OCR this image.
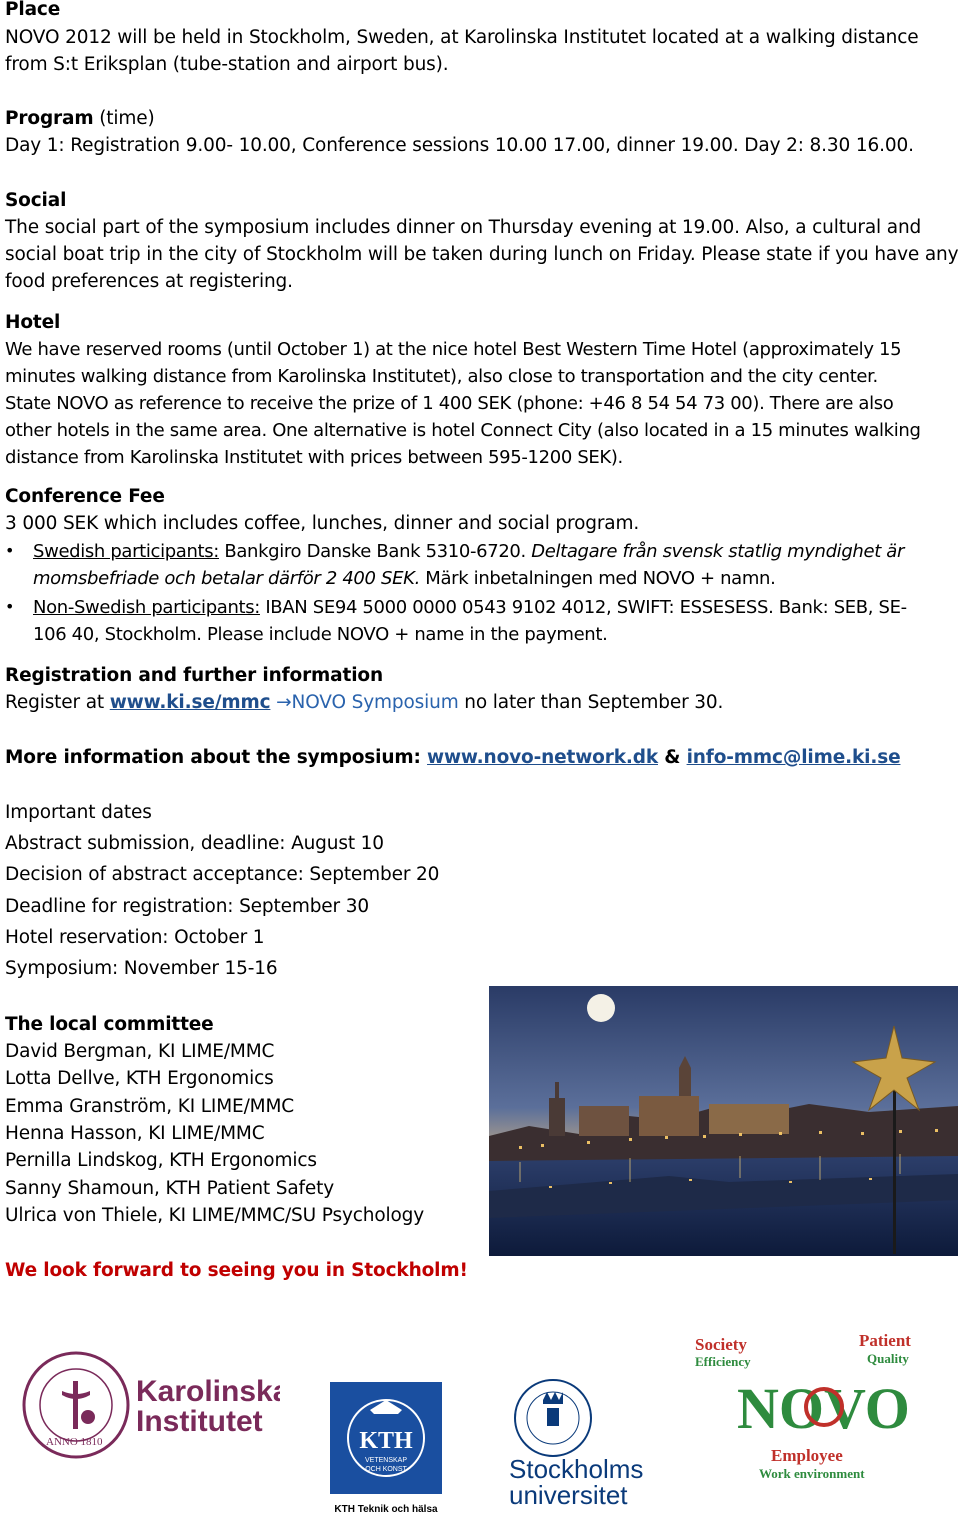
Place
NOVO 2012 will be held in Stockholm, Sweden, at Karolinska Institutet located at a walking distance
from S:t Eriksplan (tube-station and airport bus).
Program (time)
Day 1: Registration 9.00- 10.00, Conference sessions 10.00 17.00, dinner 19.00. Day 2: 8.30 16.00.
Social
The social part of the symposium includes dinner on Thursday evening at 19.00. Also, a cultural and
social boat trip in the city of Stockholm will be taken during lunch on Friday. Please state if you have any
food preferences at registering.
Hotel
We have reserved rooms (until October 1) at the nice hotel Best Western Time Hotel (approximately 15
minutes walking distance from Karolinska Institutet), also close to transportation and the city center.
State NOVO as reference to receive the prize of 1 400 SEK (phone: +46 8 54 54 73 00). There are also
other hotels in the same area. One alternative is hotel Connect City (also located in a 15 minutes walking
distance from Karolinska Institutet with prices between 595-1200 SEK).
Conference Fee
3 000 SEK which includes coffee, lunches, dinner and social program.
• Swedish participants: Bankgiro Danske Bank 5310-6720. Deltagare från svensk statlig myndighet är
momsbefriade och betalar därför 2 400 SEK. Märk inbetalningen med NOVO + namn.
• Non-Swedish participants: IBAN SE94 5000 0000 0543 9102 4012, SWIFT: ESSESESS. Bank: SEB, SE-
106 40, Stockholm. Please include NOVO + name in the payment.
Registration and further information
Register at www.ki.se/mmc →NOVO Symposium no later than September 30.
More information about the symposium: www.novo-network.dk & info-mmc@lime.ki.se
Important dates
Abstract submission, deadline: August 10
Decision of abstract acceptance: September 20
Deadline for registration: September 30
Hotel reservation: October 1
Symposium: November 15-16
The local committee
David Bergman, KI LIME/MMC
Lotta Dellve, KTH Ergonomics
Emma Granström, KI LIME/MMC
Henna Hasson, KI LIME/MMC
Pernilla Lindskog, KTH Ergonomics
Sanny Shamoun, KTH Patient Safety
Ulrica von Thiele, KI LIME/MMC/SU Psychology
We look forward to seeing you in Stockholm!
Karolinska
Institutet
ANNO 1810	KTH
VETENSKAP
OCH KONST
KTH Teknik och hälsa
Stockholms
universitet
Society
Efficiency
Patient
Quality
NOVO
Employee
Work environment
